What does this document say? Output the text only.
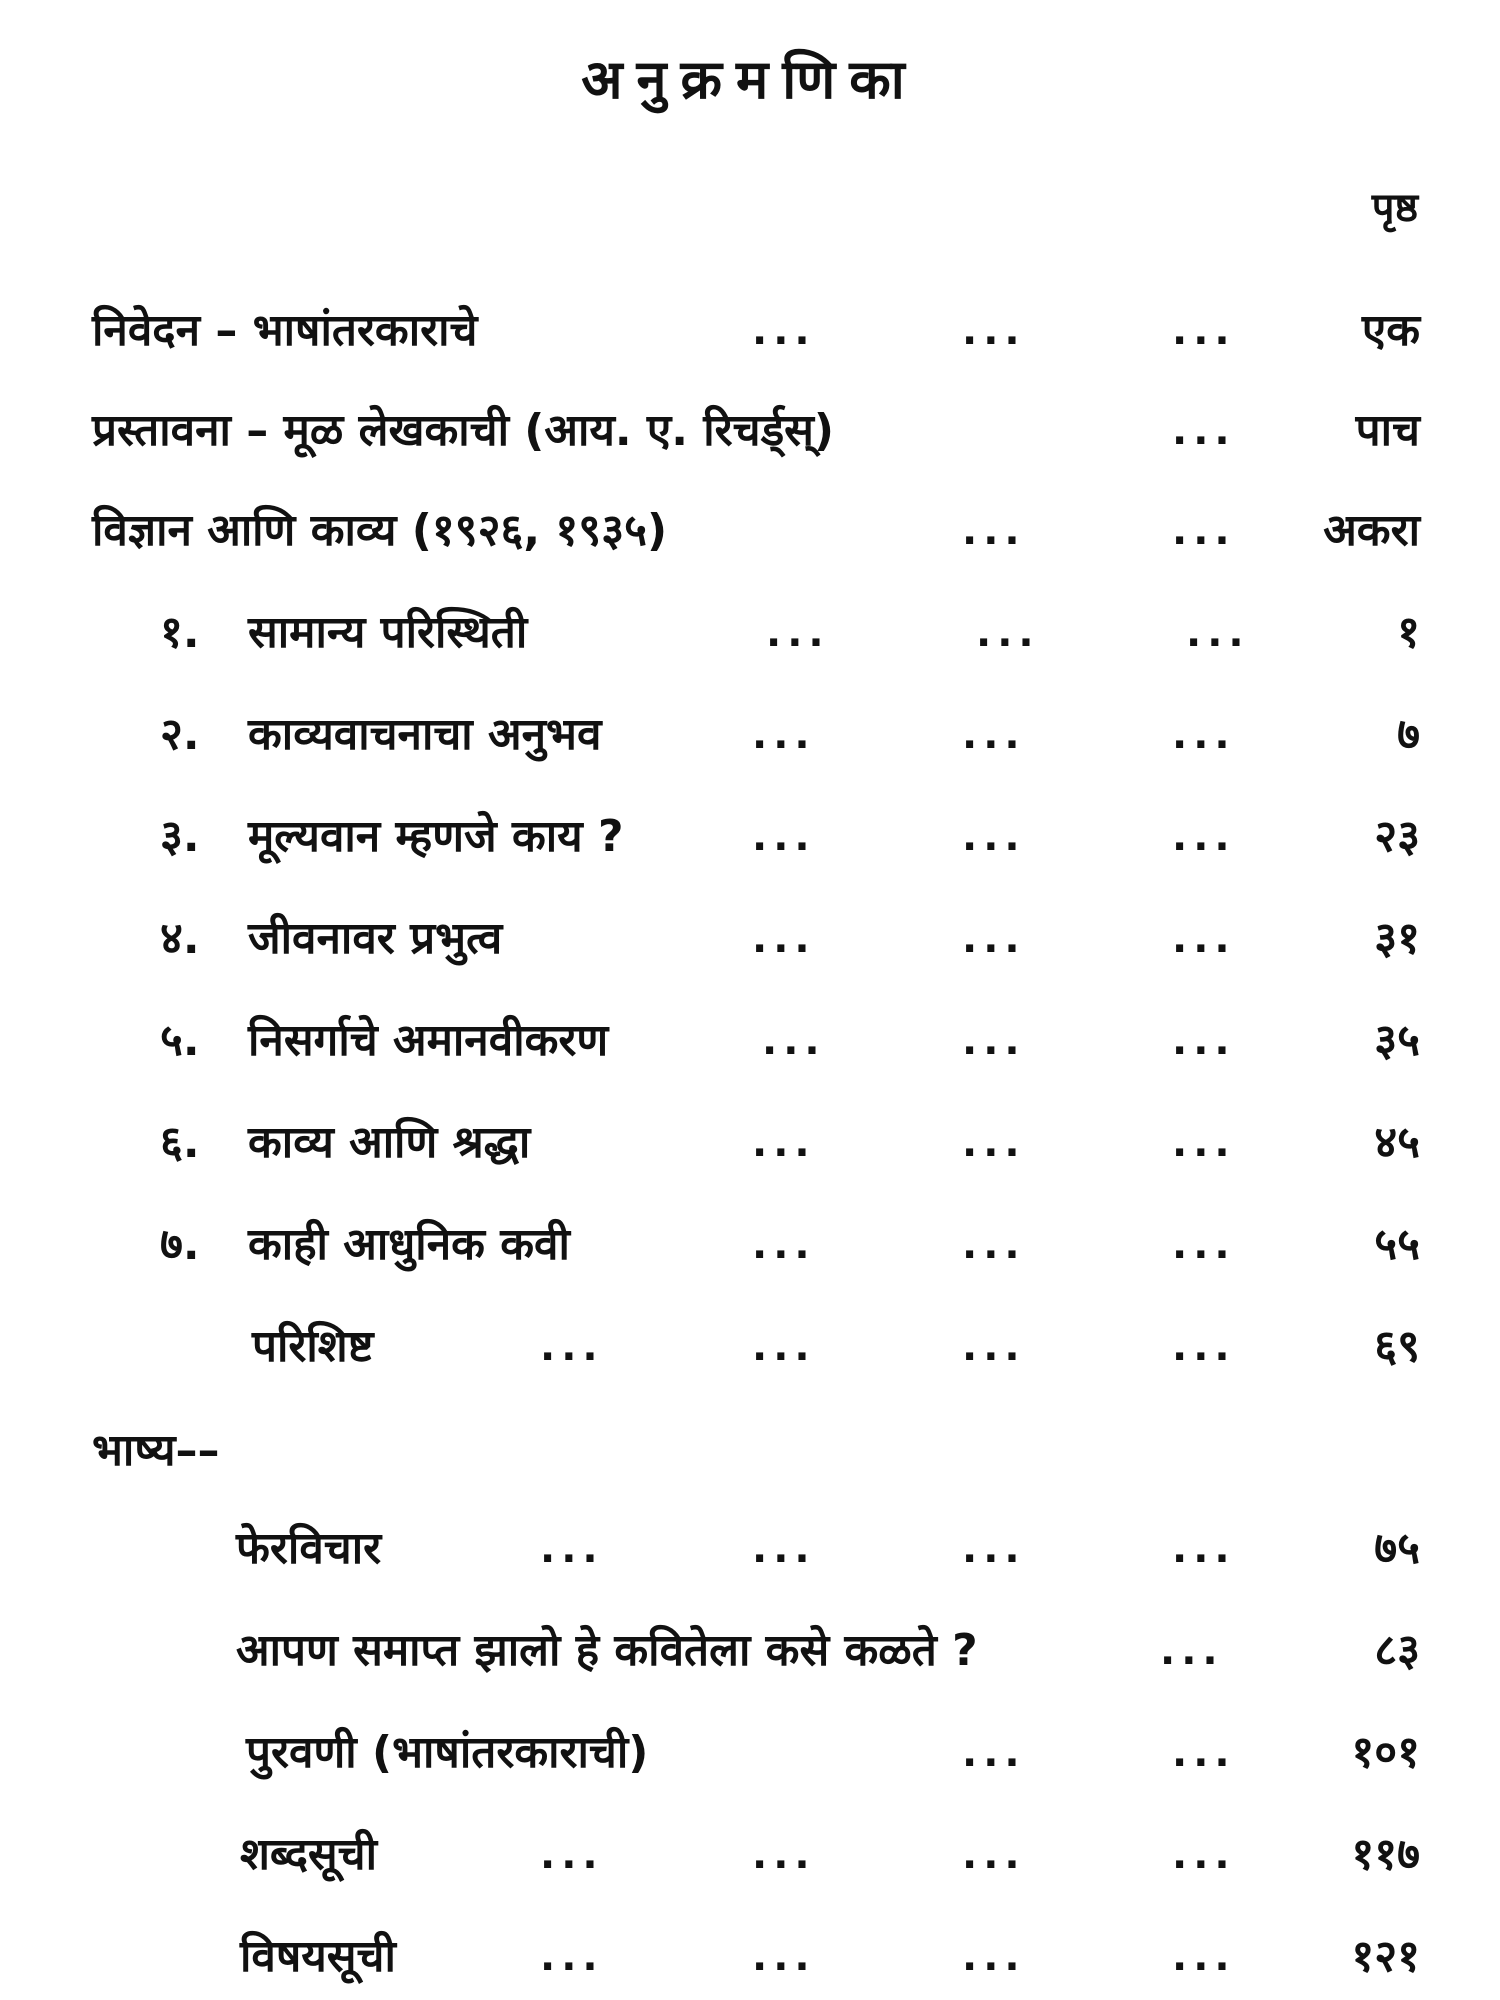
अनुक्रमणिका
पृष्ठ
निवेदन – भाषांतरकाराचे	...	...	...	एक
प्रस्तावना – मूळ लेखकाची (आय. ए. रिचर्ड्स्)	...	पाच
विज्ञान आणि काव्य (१९२६, १९३५)	...	... अकरा
१. सामान्य परिस्थिती	...	...	...	१
२. काव्यवाचनाचा अनुभव	...	...	...	७
३. मूल्यवान म्हणजे काय ?	...	...	...	२३
४. जीवनावर प्रभुत्व	...	...	...	३१
५. निसर्गाचे अमानवीकरण	...	...	...	३५
६. काव्य आणि श्रद्धा	...	...	...	४५
७. काही आधुनिक कवी	...	...	...	५५
परिशिष्ट	...	...	...	...	६९
भाष्य––
फेरविचार	...	...	...	...	७५
आपण समाप्त झालो हे कवितेला कसे कळते ?	...	८३
पुरवणी (भाषांतरकाराची)	...	...	१०१
शब्दसूची	...	...	...	...	११७
विषयसूची	...	...	...	...	१२१
